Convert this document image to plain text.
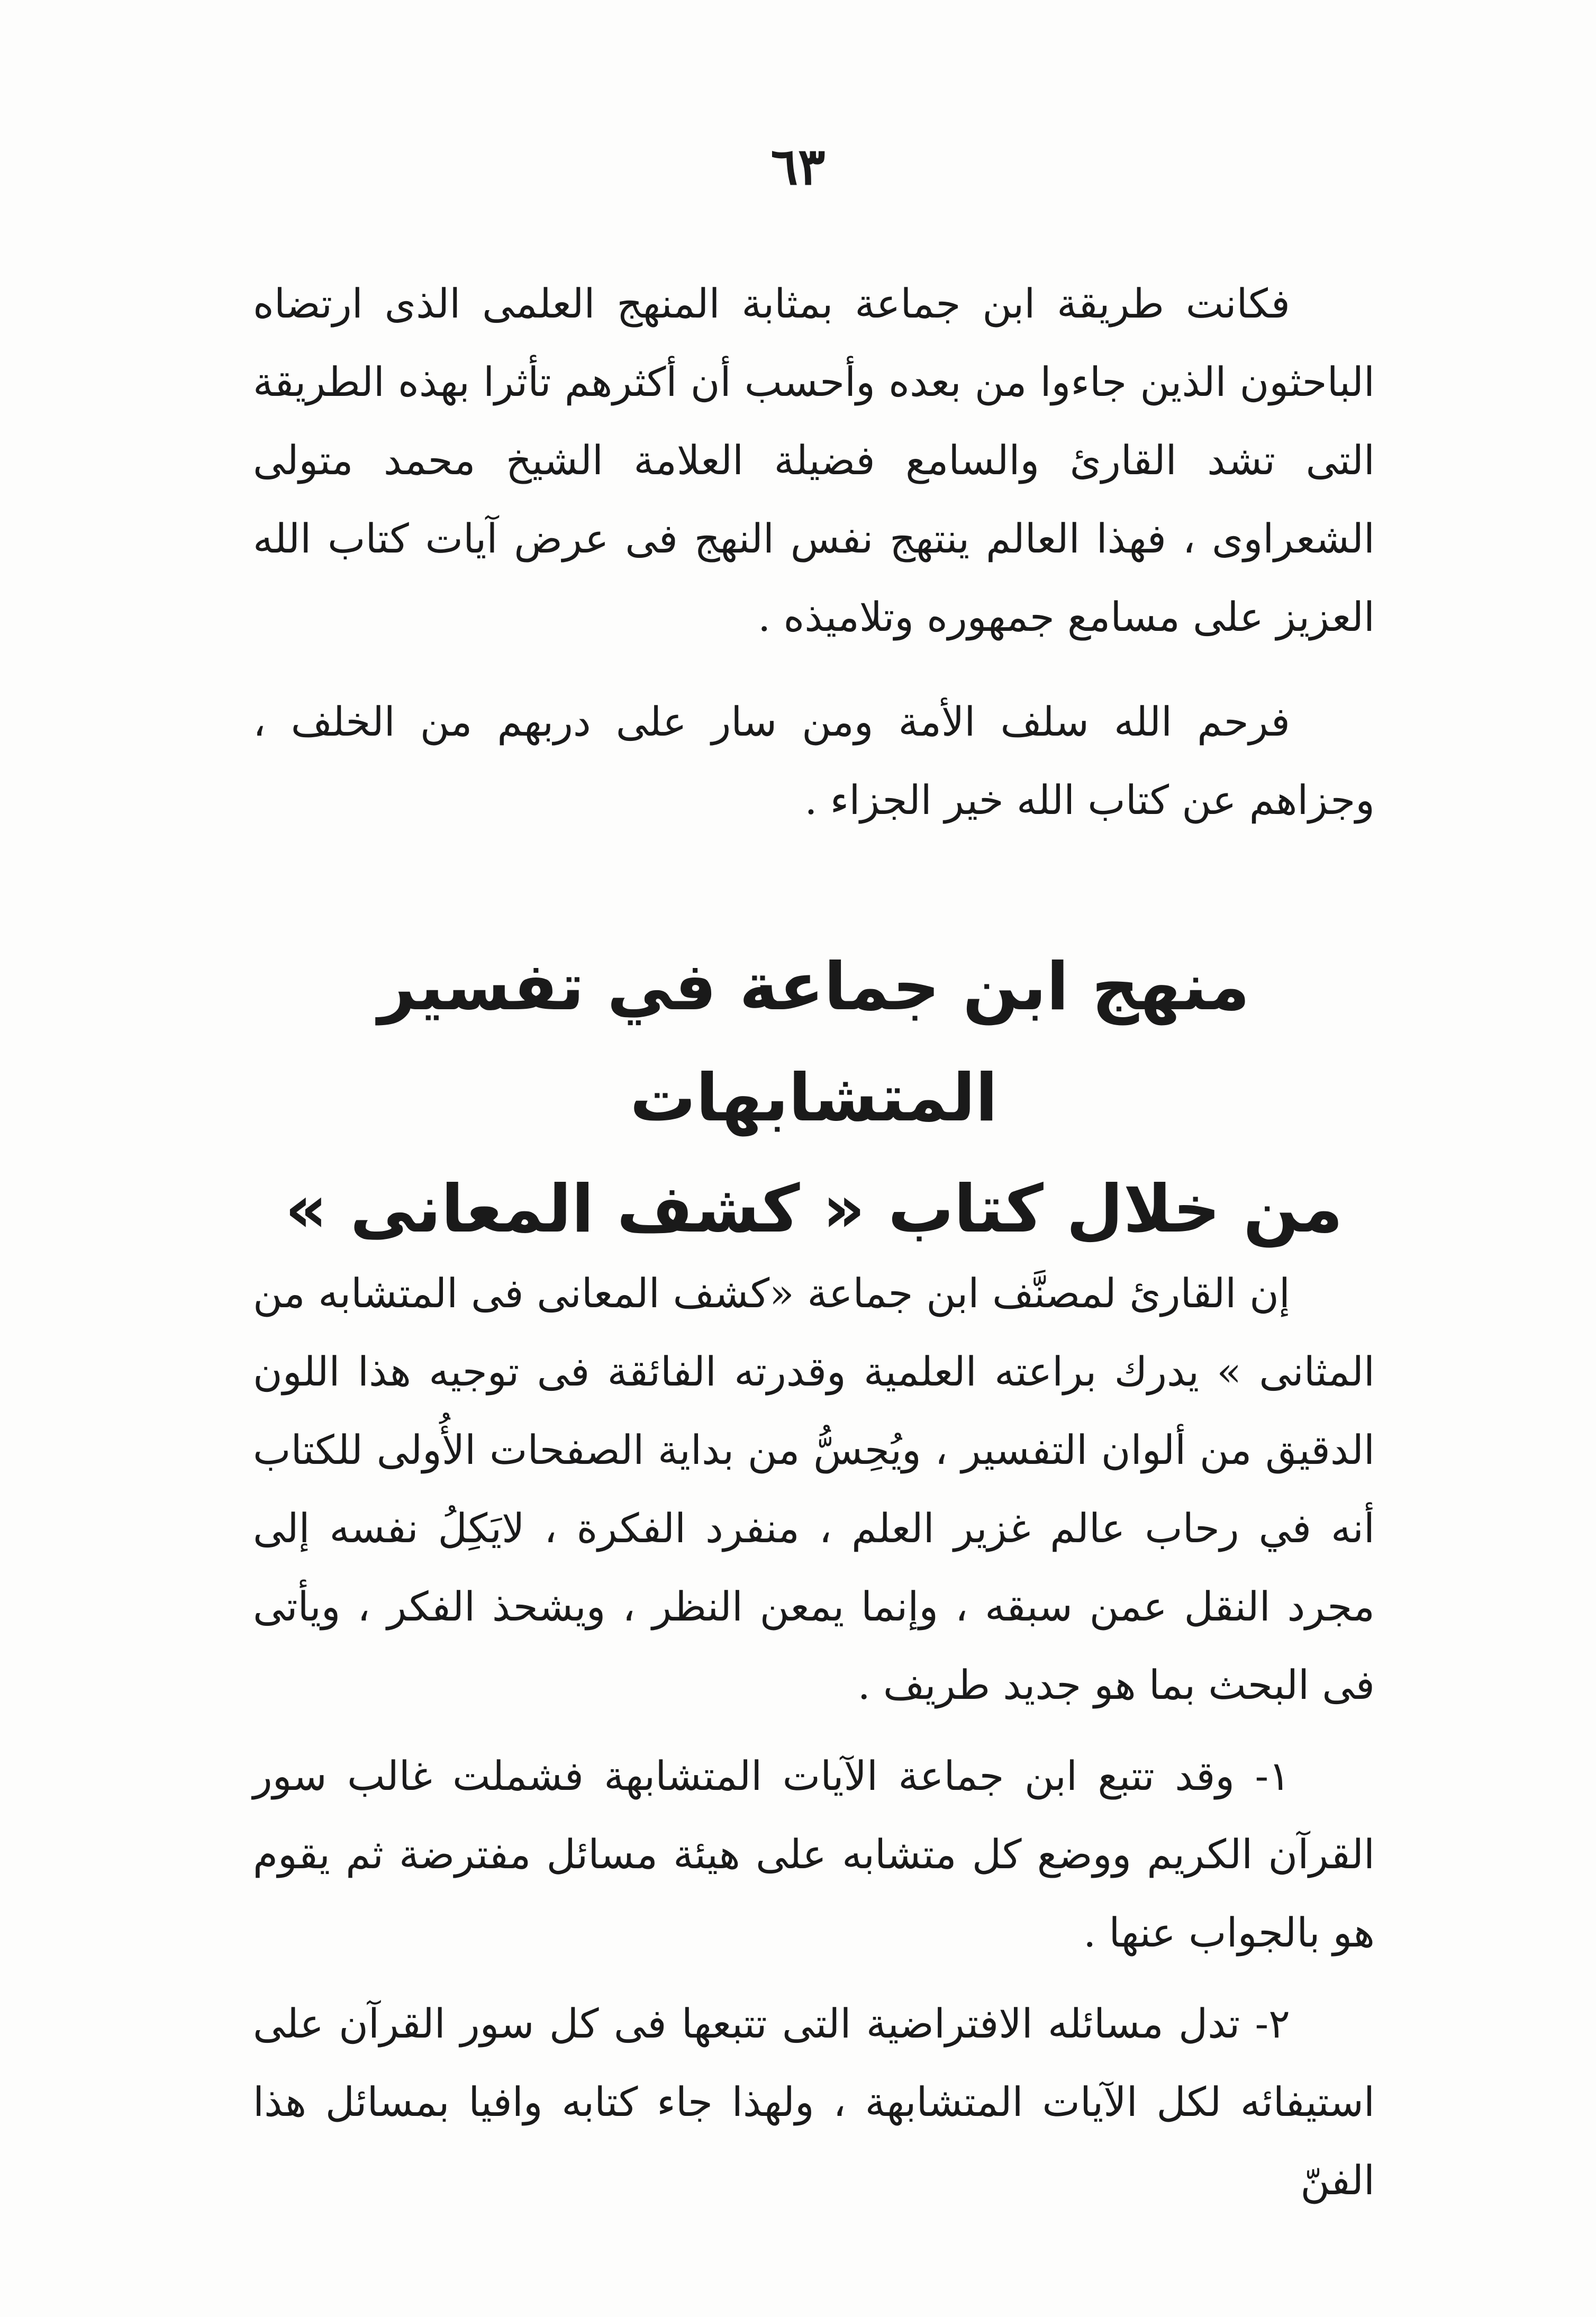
٦٣

فكانت طريقة ابن جماعة بمثابة المنهج العلمى الذى ارتضاه الباحثون الذين جاءوا من بعده وأحسب أن أكثرهم تأثرا بهذه الطريقة التى تشد القارئ والسامع فضيلة العلامة الشيخ محمد متولى الشعراوى ، فهذا العالم ينتهج نفس النهج فى عرض آيات كتاب الله العزيز على مسامع جمهوره وتلاميذه .

فرحم الله سلف الأمة ومن سار على دربهم من الخلف ، وجزاهم عن كتاب الله خير الجزاء .

منهج ابن جماعة في تفسير المتشابهات
من خلال كتاب « كشف المعانى »

إن القارئ لمصنَّف ابن جماعة «كشف المعانى فى المتشابه من المثانى » يدرك براعته العلمية وقدرته الفائقة فى توجيه هذا اللون الدقيق من ألوان التفسير ، ويُحِسُّ من بداية الصفحات الأُولى للكتاب أنه في رحاب عالم غزير العلم ، منفرد الفكرة ، لايَكِلُ نفسه إلى مجرد النقل عمن سبقه ، وإنما يمعن النظر ، ويشحذ الفكر ، ويأتى فى البحث بما هو جديد طريف .

١- وقد تتبع ابن جماعة الآيات المتشابهة فشملت غالب سور القرآن الكريم ووضع كل متشابه على هيئة مسائل مفترضة ثم يقوم هو بالجواب عنها .

٢- تدل مسائله الافتراضية التى تتبعها فى كل سور القرآن على استيفائه لكل الآيات المتشابهة ، ولهذا جاء كتابه وافيا بمسائل هذا الفنّ
